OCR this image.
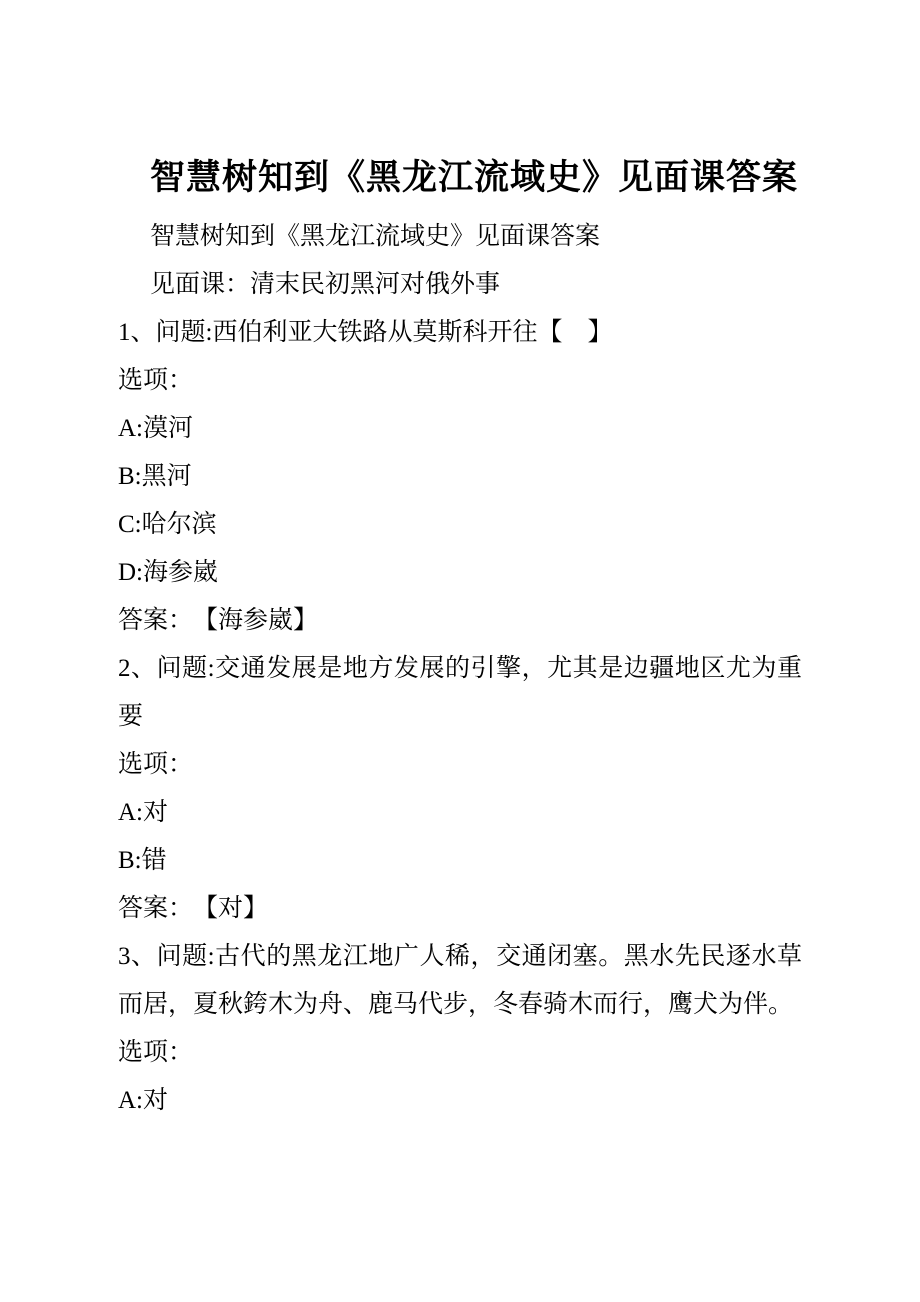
智慧树知到《黑龙江流域史》见面课答案

智慧树知到《黑龙江流域史》见面课答案

见面课：清末民初黑河对俄外事

1、问题:西伯利亚大铁路从莫斯科开往【　】

选项：

A:漠河

B:黑河

C:哈尔滨

D:海参崴

答案：　【海参崴】

2、问题:交通发展是地方发展的引擎，尤其是边疆地区尤为重

要

选项：

A:对

B:错

答案：　【对】

3、问题:古代的黑龙江地广人稀，交通闭塞。黑水先民逐水草

而居，夏秋銙木为舟、鹿马代步，冬春骑木而行，鹰犬为伴。

选项：

A:对
